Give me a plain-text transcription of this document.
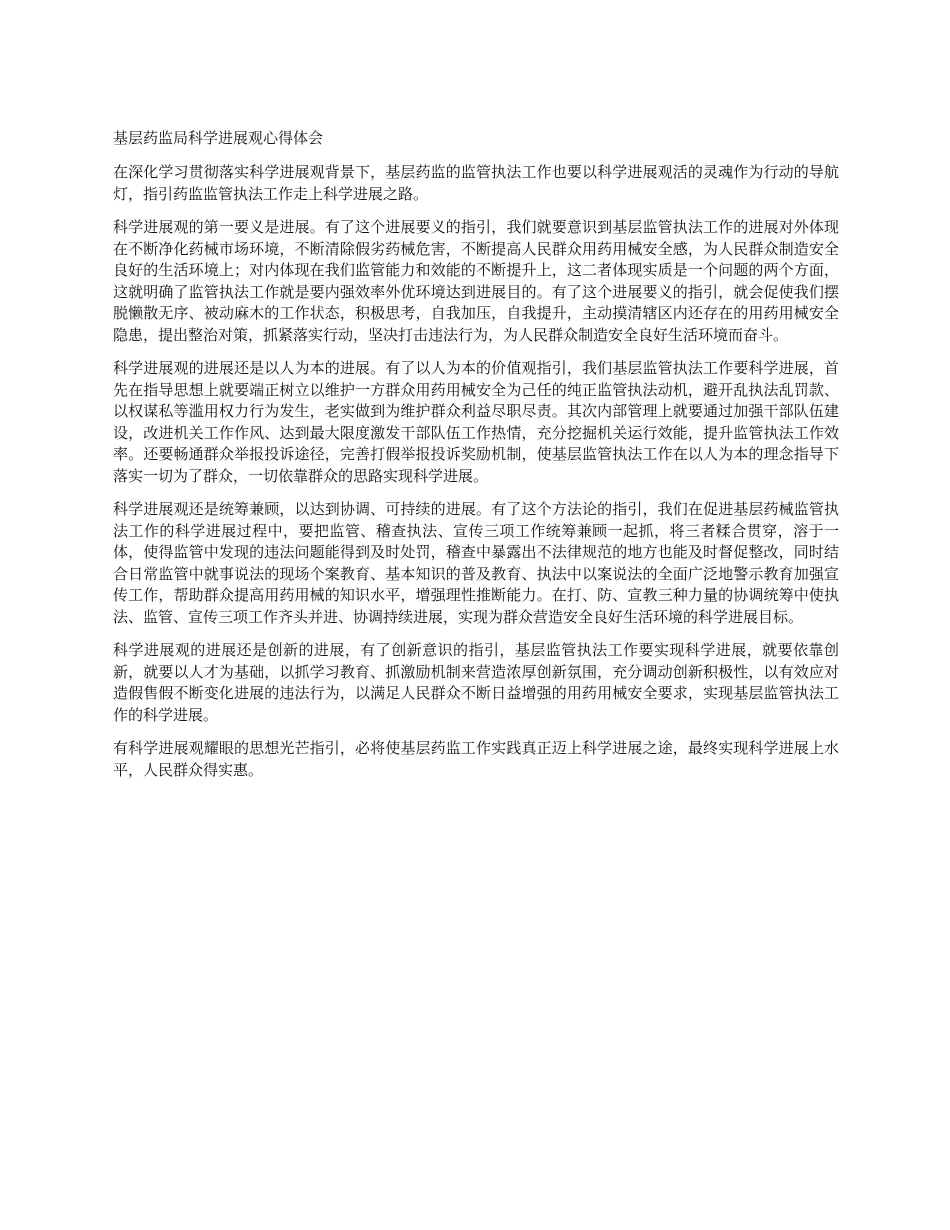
基层药监局科学进展观心得体会

在深化学习贯彻落实科学进展观背景下，基层药监的监管执法工作也要以科学进展观活的灵魂作为行动的导航灯，指引药监监管执法工作走上科学进展之路。

科学进展观的第一要义是进展。有了这个进展要义的指引，我们就要意识到基层监管执法工作的进展对外体现在不断净化药械市场环境，不断清除假劣药械危害，不断提高人民群众用药用械安全感，为人民群众制造安全良好的生活环境上；对内体现在我们监管能力和效能的不断提升上，这二者体现实质是一个问题的两个方面，这就明确了监管执法工作就是要内强效率外优环境达到进展目的。有了这个进展要义的指引，就会促使我们摆脱懒散无序、被动麻木的工作状态，积极思考，自我加压，自我提升，主动摸清辖区内还存在的用药用械安全隐患，提出整治对策，抓紧落实行动，坚决打击违法行为，为人民群众制造安全良好生活环境而奋斗。

科学进展观的进展还是以人为本的进展。有了以人为本的价值观指引，我们基层监管执法工作要科学进展，首先在指导思想上就要端正树立以维护一方群众用药用械安全为己任的纯正监管执法动机，避开乱执法乱罚款、以权谋私等滥用权力行为发生，老实做到为维护群众利益尽职尽责。其次内部管理上就要通过加强干部队伍建设，改进机关工作作风、达到最大限度激发干部队伍工作热情，充分挖掘机关运行效能，提升监管执法工作效率。还要畅通群众举报投诉途径，完善打假举报投诉奖励机制，使基层监管执法工作在以人为本的理念指导下落实一切为了群众，一切依靠群众的思路实现科学进展。

科学进展观还是统筹兼顾，以达到协调、可持续的进展。有了这个方法论的指引，我们在促进基层药械监管执法工作的科学进展过程中，要把监管、稽查执法、宣传三项工作统筹兼顾一起抓，将三者糅合贯穿，溶于一体，使得监管中发现的违法问题能得到及时处罚，稽查中暴露出不法律规范的地方也能及时督促整改，同时结合日常监管中就事说法的现场个案教育、基本知识的普及教育、执法中以案说法的全面广泛地警示教育加强宣传工作，帮助群众提高用药用械的知识水平，增强理性推断能力。在打、防、宣教三种力量的协调统筹中使执法、监管、宣传三项工作齐头并进、协调持续进展，实现为群众营造安全良好生活环境的科学进展目标。

科学进展观的进展还是创新的进展，有了创新意识的指引，基层监管执法工作要实现科学进展，就要依靠创新，就要以人才为基础，以抓学习教育、抓激励机制来营造浓厚创新氛围，充分调动创新积极性，以有效应对造假售假不断变化进展的违法行为，以满足人民群众不断日益增强的用药用械安全要求，实现基层监管执法工作的科学进展。

有科学进展观耀眼的思想光芒指引，必将使基层药监工作实践真正迈上科学进展之途，最终实现科学进展上水平，人民群众得实惠。
